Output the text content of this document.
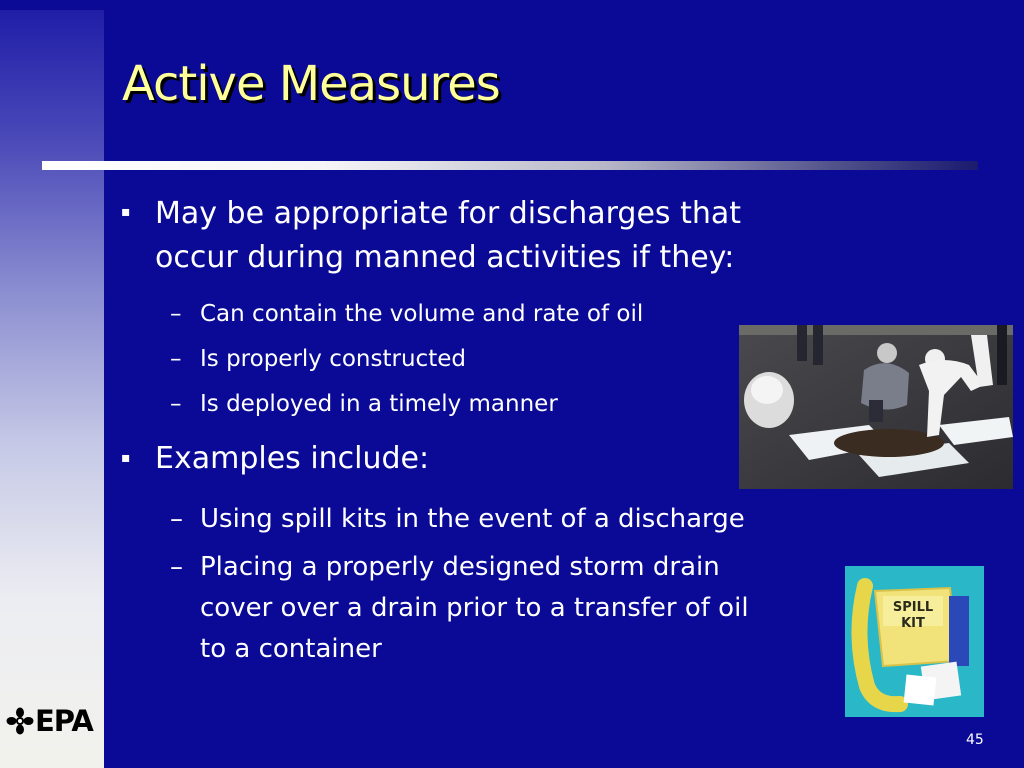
EPA
Active Measures
▪ May be appropriate for discharges that
occur during manned activities if they:
– Can contain the volume and rate of oil
– Is properly constructed
– Is deployed in a timely manner
▪ Examples include:
– Using spill kits in the event of a discharge
– Placing a properly designed storm drain
cover over a drain prior to a transfer of oil
to a container
SPILL
KIT
45
